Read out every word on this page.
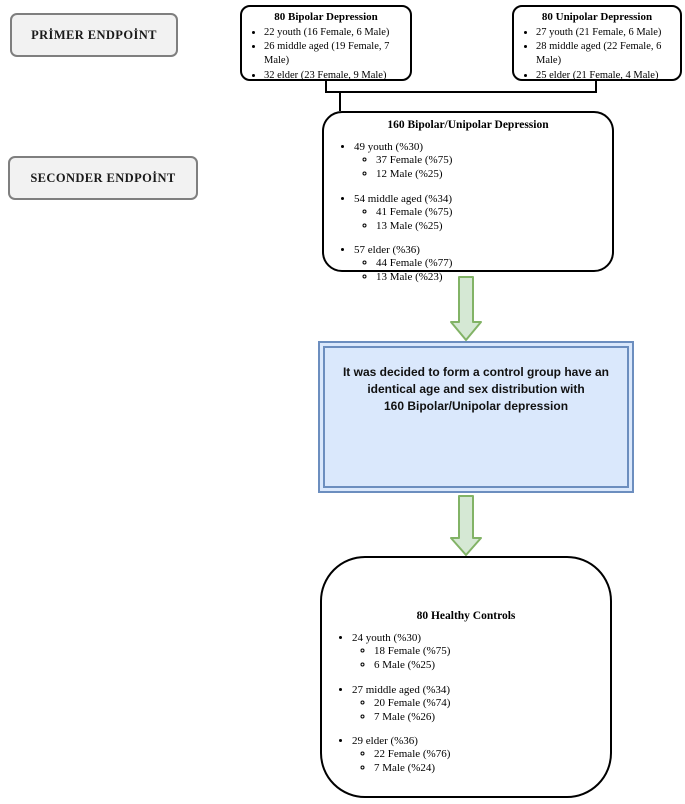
PRİMER ENDPOİNT
SECONDER ENDPOİNT
80 Bipolar Depression
• 22 youth (16 Female, 6 Male)
• 26 middle aged (19 Female, 7 Male)
• 32 elder (23 Female, 9 Male)
80 Unipolar Depression
• 27 youth (21 Female, 6 Male)
• 28 middle aged (22 Female, 6 Male)
• 25 elder (21 Female, 4 Male)
160 Bipolar/Unipolar Depression
• 49 youth (%30)
◦ 37 Female (%75)
◦ 12 Male (%25)
• 54 middle aged (%34)
◦ 41 Female (%75)
◦ 13 Male (%25)
• 57 elder (%36)
◦ 44 Female (%77)
◦ 13 Male (%23)
It was decided to form a control group have an
identical age and sex distribution with
160 Bipolar/Unipolar depression
80 Healthy Controls
• 24 youth (%30)
◦ 18 Female (%75)
◦ 6 Male (%25)
• 27 middle aged (%34)
◦ 20 Female (%74)
◦ 7 Male (%26)
• 29 elder (%36)
◦ 22 Female (%76)
◦ 7 Male (%24)
